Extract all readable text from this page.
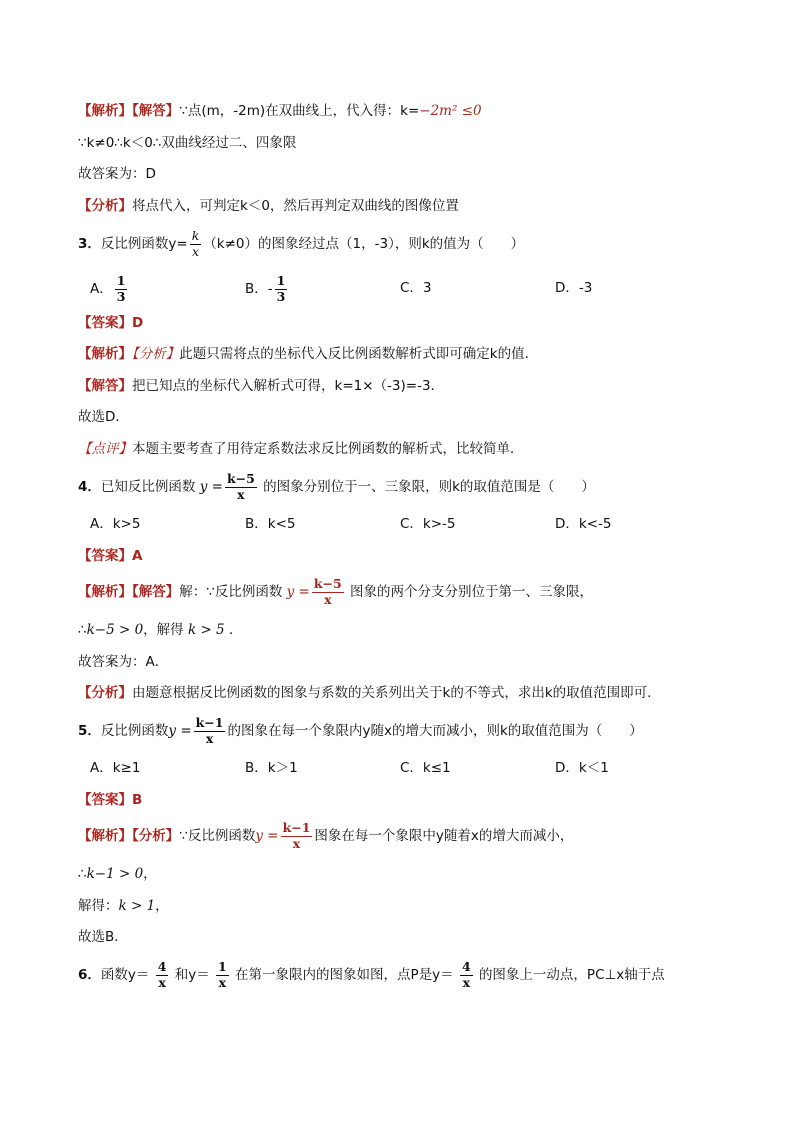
【解析】【解答】∵点(m，-2m)在双曲线上，代入得：k=−2m² ≤0
∵k≠0∴k＜0∴双曲线经过二、四象限
故答案为：D
【分析】将点代入，可判定k＜0，然后再判定双曲线的图像位置
3．反比例函数$y= \frac{k}{x} (k\ne 0)$的图象经过点（1，-3），则k的值为（　　）
A． $\frac{1}{3}$	B．- $\frac{1}{3}$	C．3	D．-3
【答案】D
【解析】【分析】此题只需将点的坐标代入反比例函数解析式即可确定k的值．
【解答】把已知点的坐标代入解析式可得，k=1×（-3)=-3．
故选D．
【点评】本题主要考查了用待定系数法求反比例函数的解析式，比较简单．
4．已知反比例函数 $y = \frac{k-5}{x}$ 的图象分别位于一、三象限，则k的取值范围是（　　）
A．k>5	B．k<5	C．k>-5	D．k<-5
【答案】A
【解析】【解答】解：∵反比例函数 $y = \frac{k-5}{x}$ 图象的两个分支分别位于第一、三象限，
∴k−5 > 0，解得 k > 5 ．
故答案为：A．
【分析】由题意根据反比例函数的图象与系数的关系列出关于k的不等式，求出k的取值范围即可．
5．反比例函数$y = \frac{k-1}{x}$ 的图象在每一个象限内y随x的增大而减小，则k的取值范围为（　　）
A．k≥1	B．k＞1	C．k≤1	D．k＜1
【答案】B
【解析】【分析】∵反比例函数$y = \frac{k-1}{x}$ 图象在每一个象限中y随着x的增大而减小，
∴k−1 > 0，
解得：k > 1，
故选B．
6．函数$y= \frac{4}{x}$ 和$y= \frac{1}{x}$ 在第一象限内的图象如图，点P是$y= \frac{4}{x}$ 的图象上一动点，PC⊥x轴于点
